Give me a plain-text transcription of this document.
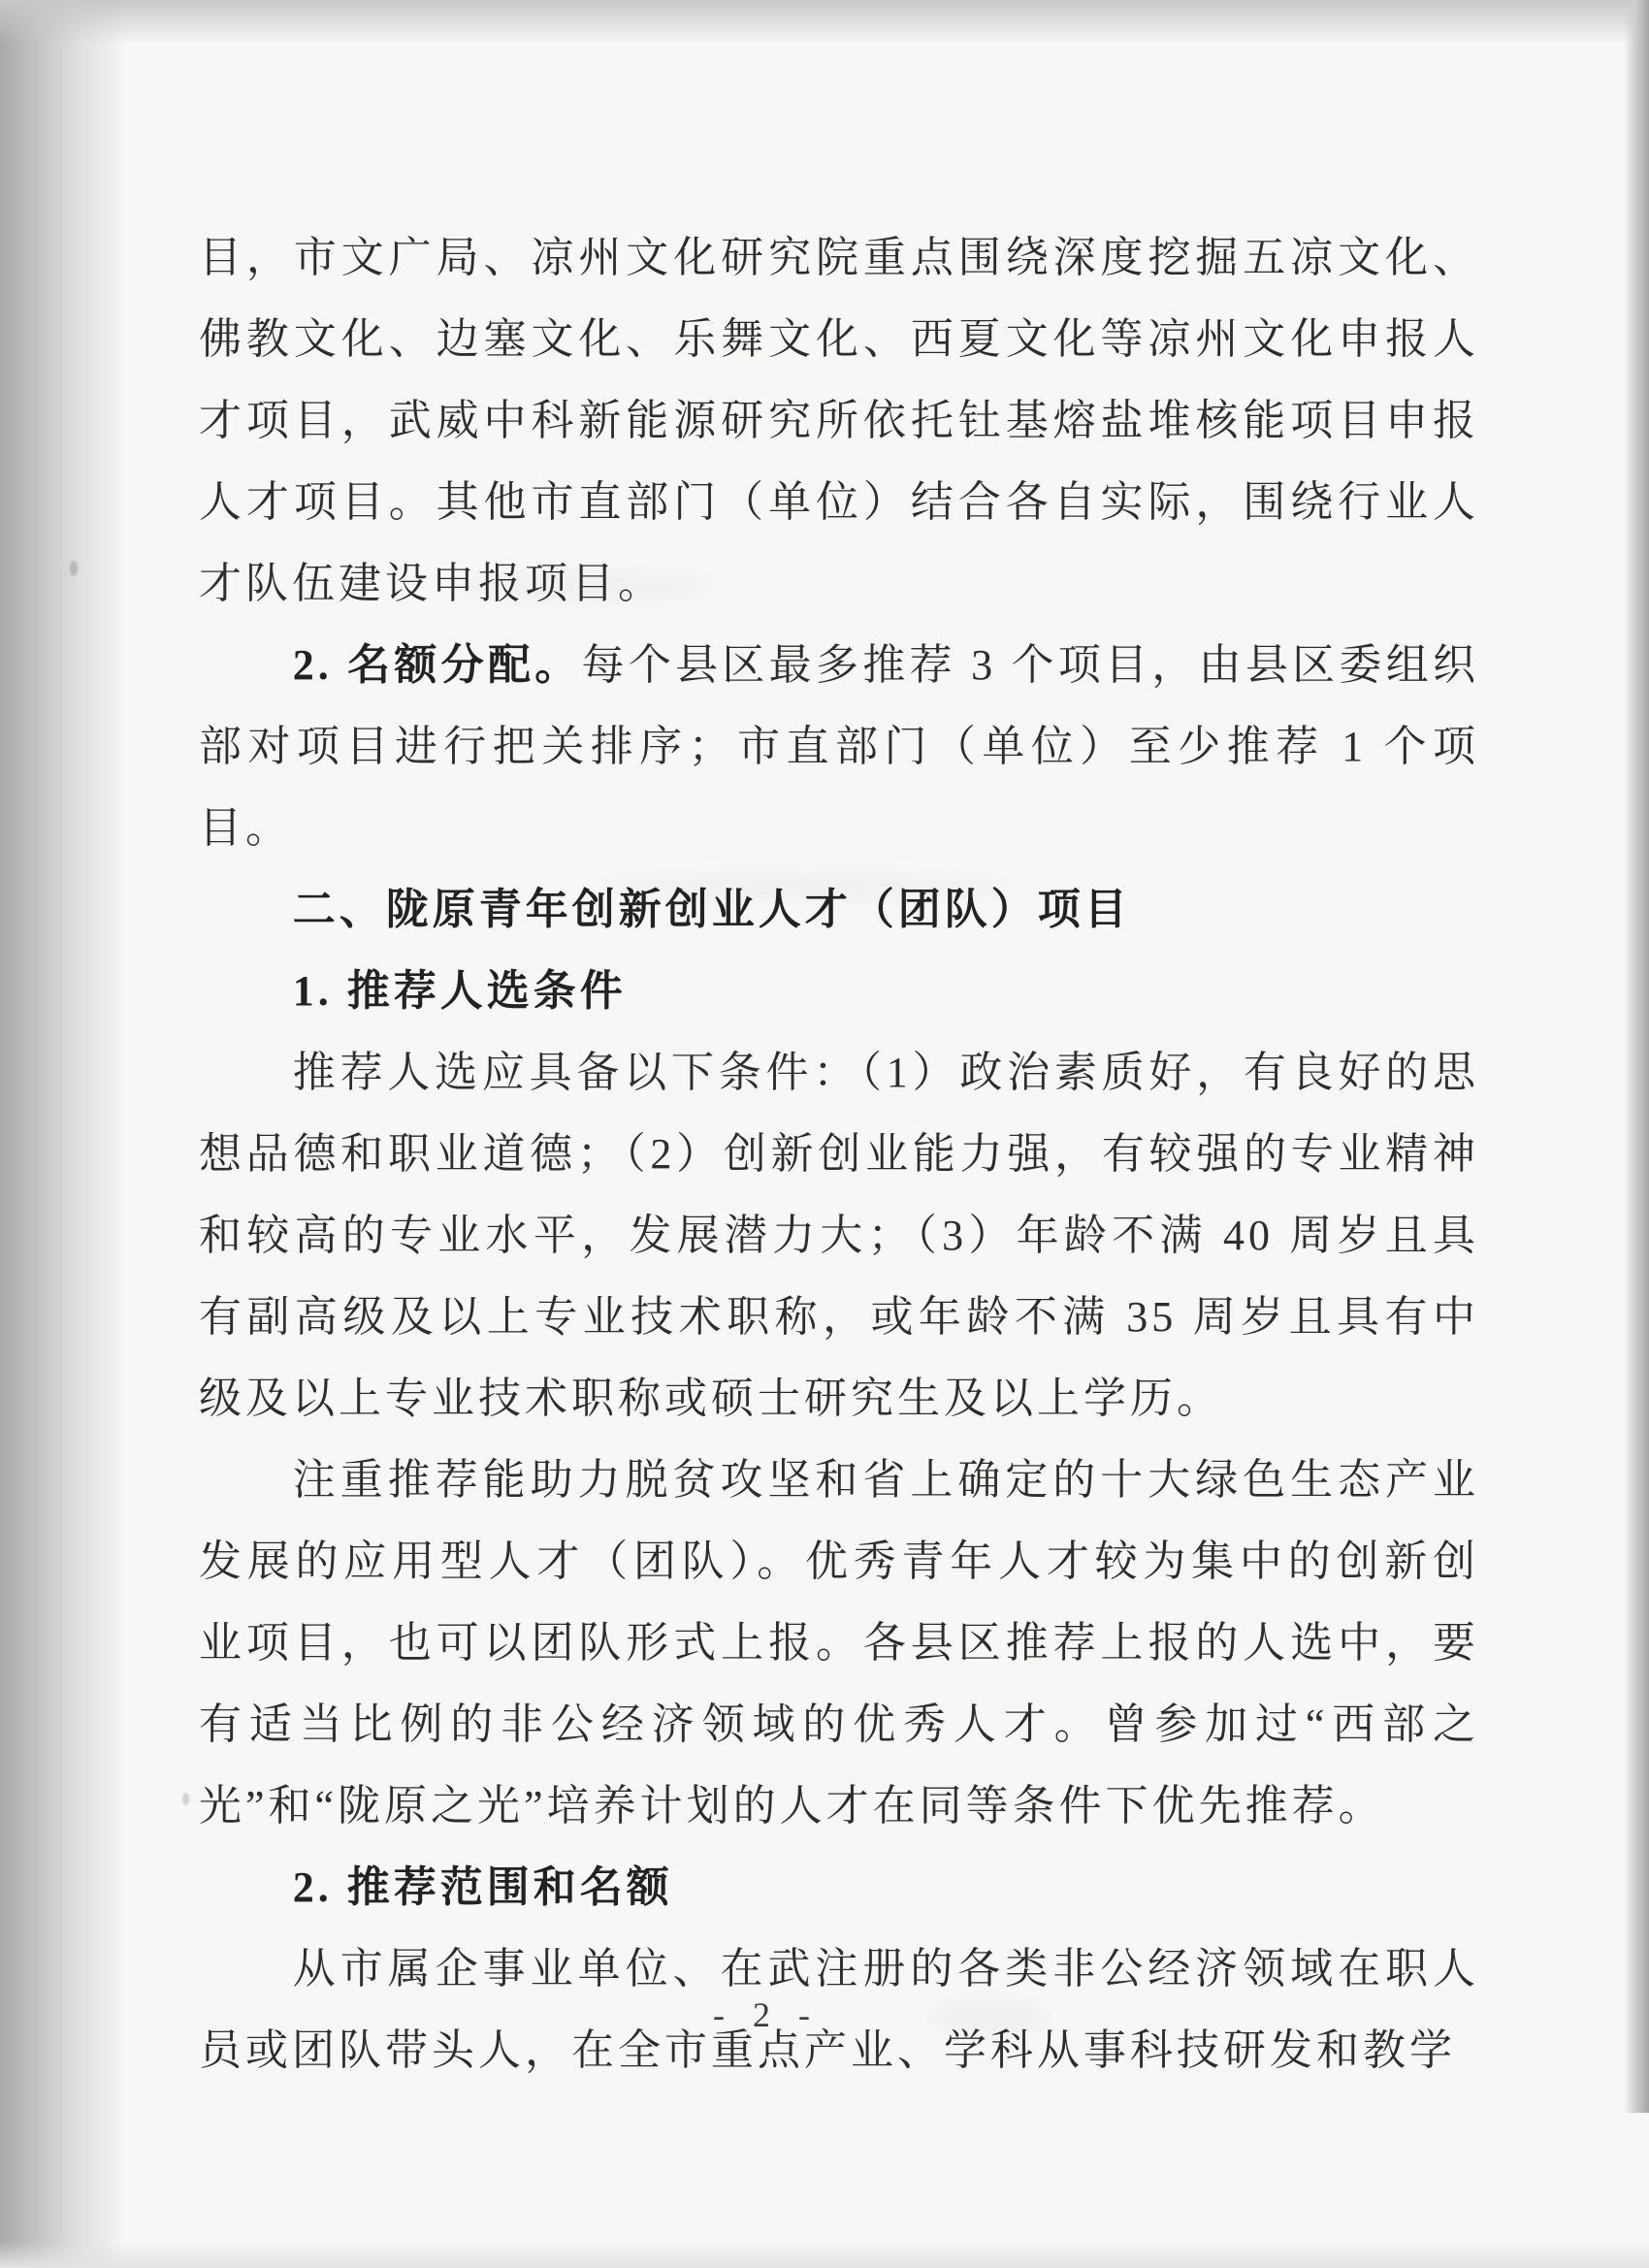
目，市文广局、凉州文化研究院重点围绕深度挖掘五凉文化、佛教文化、边塞文化、乐舞文化、西夏文化等凉州文化申报人才项目，武威中科新能源研究所依托钍基熔盐堆核能项目申报人才项目。其他市直部门（单位）结合各自实际，围绕行业人才队伍建设申报项目。

2. 名额分配。每个县区最多推荐 3 个项目，由县区委组织部对项目进行把关排序；市直部门（单位）至少推荐 1 个项目。

二、陇原青年创新创业人才（团队）项目
1. 推荐人选条件

推荐人选应具备以下条件：（1）政治素质好，有良好的思想品德和职业道德；（2）创新创业能力强，有较强的专业精神和较高的专业水平，发展潜力大；（3）年龄不满 40 周岁且具有副高级及以上专业技术职称，或年龄不满 35 周岁且具有中级及以上专业技术职称或硕士研究生及以上学历。

注重推荐能助力脱贫攻坚和省上确定的十大绿色生态产业发展的应用型人才（团队）。优秀青年人才较为集中的创新创业项目，也可以团队形式上报。各县区推荐上报的人选中，要有适当比例的非公经济领域的优秀人才。曾参加过“西部之光”和“陇原之光”培养计划的人才在同等条件下优先推荐。

2. 推荐范围和名额

从市属企事业单位、在武注册的各类非公经济领域在职人员或团队带头人，在全市重点产业、学科从事科技研发和教学

- 2 -
